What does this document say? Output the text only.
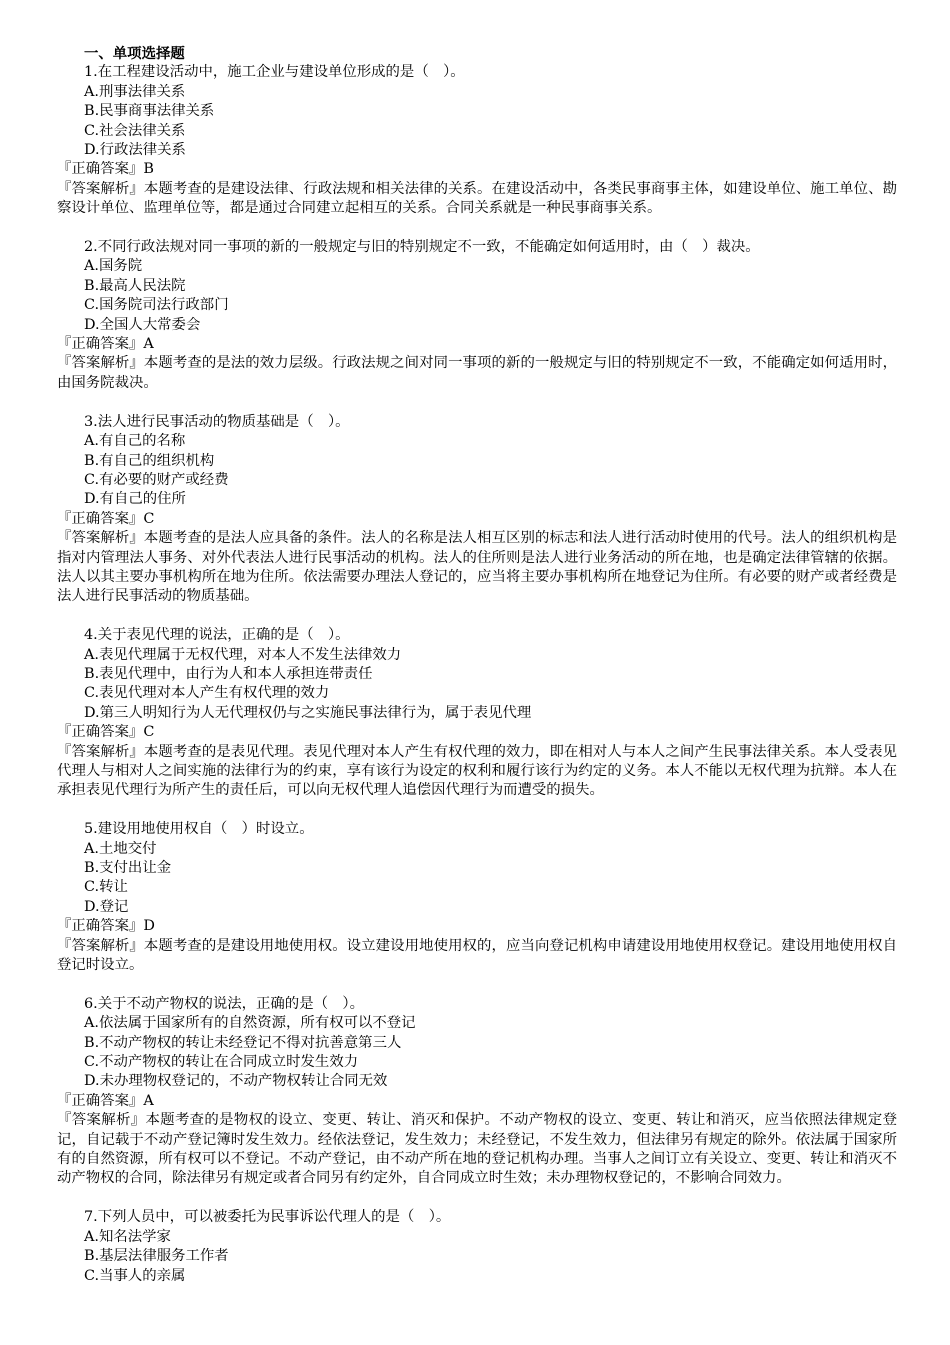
一、单项选择题
1.在工程建设活动中，施工企业与建设单位形成的是（　）。
A.刑事法律关系
B.民事商事法律关系
C.社会法律关系
D.行政法律关系
『正确答案』B
『答案解析』本题考查的是建设法律、行政法规和相关法律的关系。在建设活动中，各类民事商事主体，如建设单位、施工单位、勘察设计单位、监理单位等，都是通过合同建立起相互的关系。合同关系就是一种民事商事关系。
2.不同行政法规对同一事项的新的一般规定与旧的特别规定不一致，不能确定如何适用时，由（　）裁决。
A.国务院
B.最高人民法院
C.国务院司法行政部门
D.全国人大常委会
『正确答案』A
『答案解析』本题考查的是法的效力层级。行政法规之间对同一事项的新的一般规定与旧的特别规定不一致，不能确定如何适用时，由国务院裁决。
3.法人进行民事活动的物质基础是（　）。
A.有自己的名称
B.有自己的组织机构
C.有必要的财产或经费
D.有自己的住所
『正确答案』C
『答案解析』本题考查的是法人应具备的条件。法人的名称是法人相互区别的标志和法人进行活动时使用的代号。法人的组织机构是指对内管理法人事务、对外代表法人进行民事活动的机构。法人的住所则是法人进行业务活动的所在地，也是确定法律管辖的依据。法人以其主要办事机构所在地为住所。依法需要办理法人登记的，应当将主要办事机构所在地登记为住所。有必要的财产或者经费是法人进行民事活动的物质基础。
4.关于表见代理的说法，正确的是（　）。
A.表见代理属于无权代理，对本人不发生法律效力
B.表见代理中，由行为人和本人承担连带责任
C.表见代理对本人产生有权代理的效力
D.第三人明知行为人无代理权仍与之实施民事法律行为，属于表见代理
『正确答案』C
『答案解析』本题考查的是表见代理。表见代理对本人产生有权代理的效力，即在相对人与本人之间产生民事法律关系。本人受表见代理人与相对人之间实施的法律行为的约束，享有该行为设定的权利和履行该行为约定的义务。本人不能以无权代理为抗辩。本人在承担表见代理行为所产生的责任后，可以向无权代理人追偿因代理行为而遭受的损失。
5.建设用地使用权自（　）时设立。
A.土地交付
B.支付出让金
C.转让
D.登记
『正确答案』D
『答案解析』本题考查的是建设用地使用权。设立建设用地使用权的，应当向登记机构申请建设用地使用权登记。建设用地使用权自登记时设立。
6.关于不动产物权的说法，正确的是（　）。
A.依法属于国家所有的自然资源，所有权可以不登记
B.不动产物权的转让未经登记不得对抗善意第三人
C.不动产物权的转让在合同成立时发生效力
D.未办理物权登记的，不动产物权转让合同无效
『正确答案』A
『答案解析』本题考查的是物权的设立、变更、转让、消灭和保护。不动产物权的设立、变更、转让和消灭，应当依照法律规定登记，自记载于不动产登记簿时发生效力。经依法登记，发生效力；未经登记，不发生效力，但法律另有规定的除外。依法属于国家所有的自然资源，所有权可以不登记。不动产登记，由不动产所在地的登记机构办理。当事人之间订立有关设立、变更、转让和消灭不动产物权的合同，除法律另有规定或者合同另有约定外，自合同成立时生效；未办理物权登记的，不影响合同效力。
7.下列人员中，可以被委托为民事诉讼代理人的是（　）。
A.知名法学家
B.基层法律服务工作者
C.当事人的亲属
